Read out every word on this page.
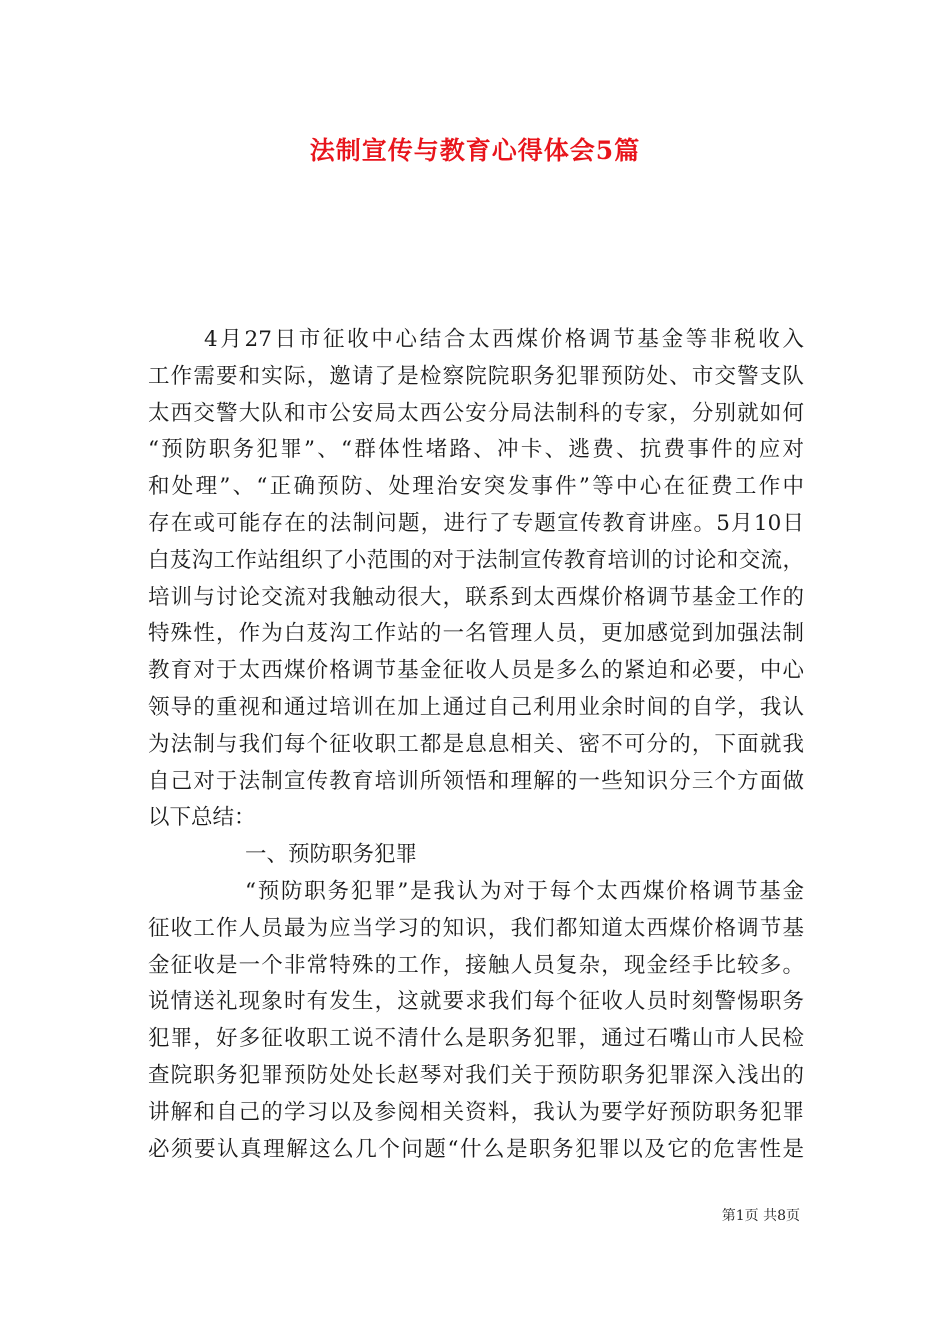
法制宣传与教育心得体会5篇
4月27日市征收中心结合太西煤价格调节基金等非税收入
工作需要和实际，邀请了是检察院院职务犯罪预防处、市交警支队
太西交警大队和市公安局太西公安分局法制科的专家，分别就如何
“预防职务犯罪”、“群体性堵路、冲卡、逃费、抗费事件的应对
和处理”、“正确预防、处理治安突发事件”等中心在征费工作中
存在或可能存在的法制问题，进行了专题宣传教育讲座。5月10日
白芨沟工作站组织了小范围的对于法制宣传教育培训的讨论和交流，
培训与讨论交流对我触动很大，联系到太西煤价格调节基金工作的
特殊性，作为白芨沟工作站的一名管理人员，更加感觉到加强法制
教育对于太西煤价格调节基金征收人员是多么的紧迫和必要，中心
领导的重视和通过培训在加上通过自己利用业余时间的自学，我认
为法制与我们每个征收职工都是息息相关、密不可分的，下面就我
自己对于法制宣传教育培训所领悟和理解的一些知识分三个方面做
以下总结：
一、预防职务犯罪
“预防职务犯罪”是我认为对于每个太西煤价格调节基金
征收工作人员最为应当学习的知识，我们都知道太西煤价格调节基
金征收是一个非常特殊的工作，接触人员复杂，现金经手比较多。
说情送礼现象时有发生，这就要求我们每个征收人员时刻警惕职务
犯罪，好多征收职工说不清什么是职务犯罪，通过石嘴山市人民检
查院职务犯罪预防处处长赵琴对我们关于预防职务犯罪深入浅出的
讲解和自己的学习以及参阅相关资料，我认为要学好预防职务犯罪
必须要认真理解这么几个问题“什么是职务犯罪以及它的危害性是
第1页 共8页
